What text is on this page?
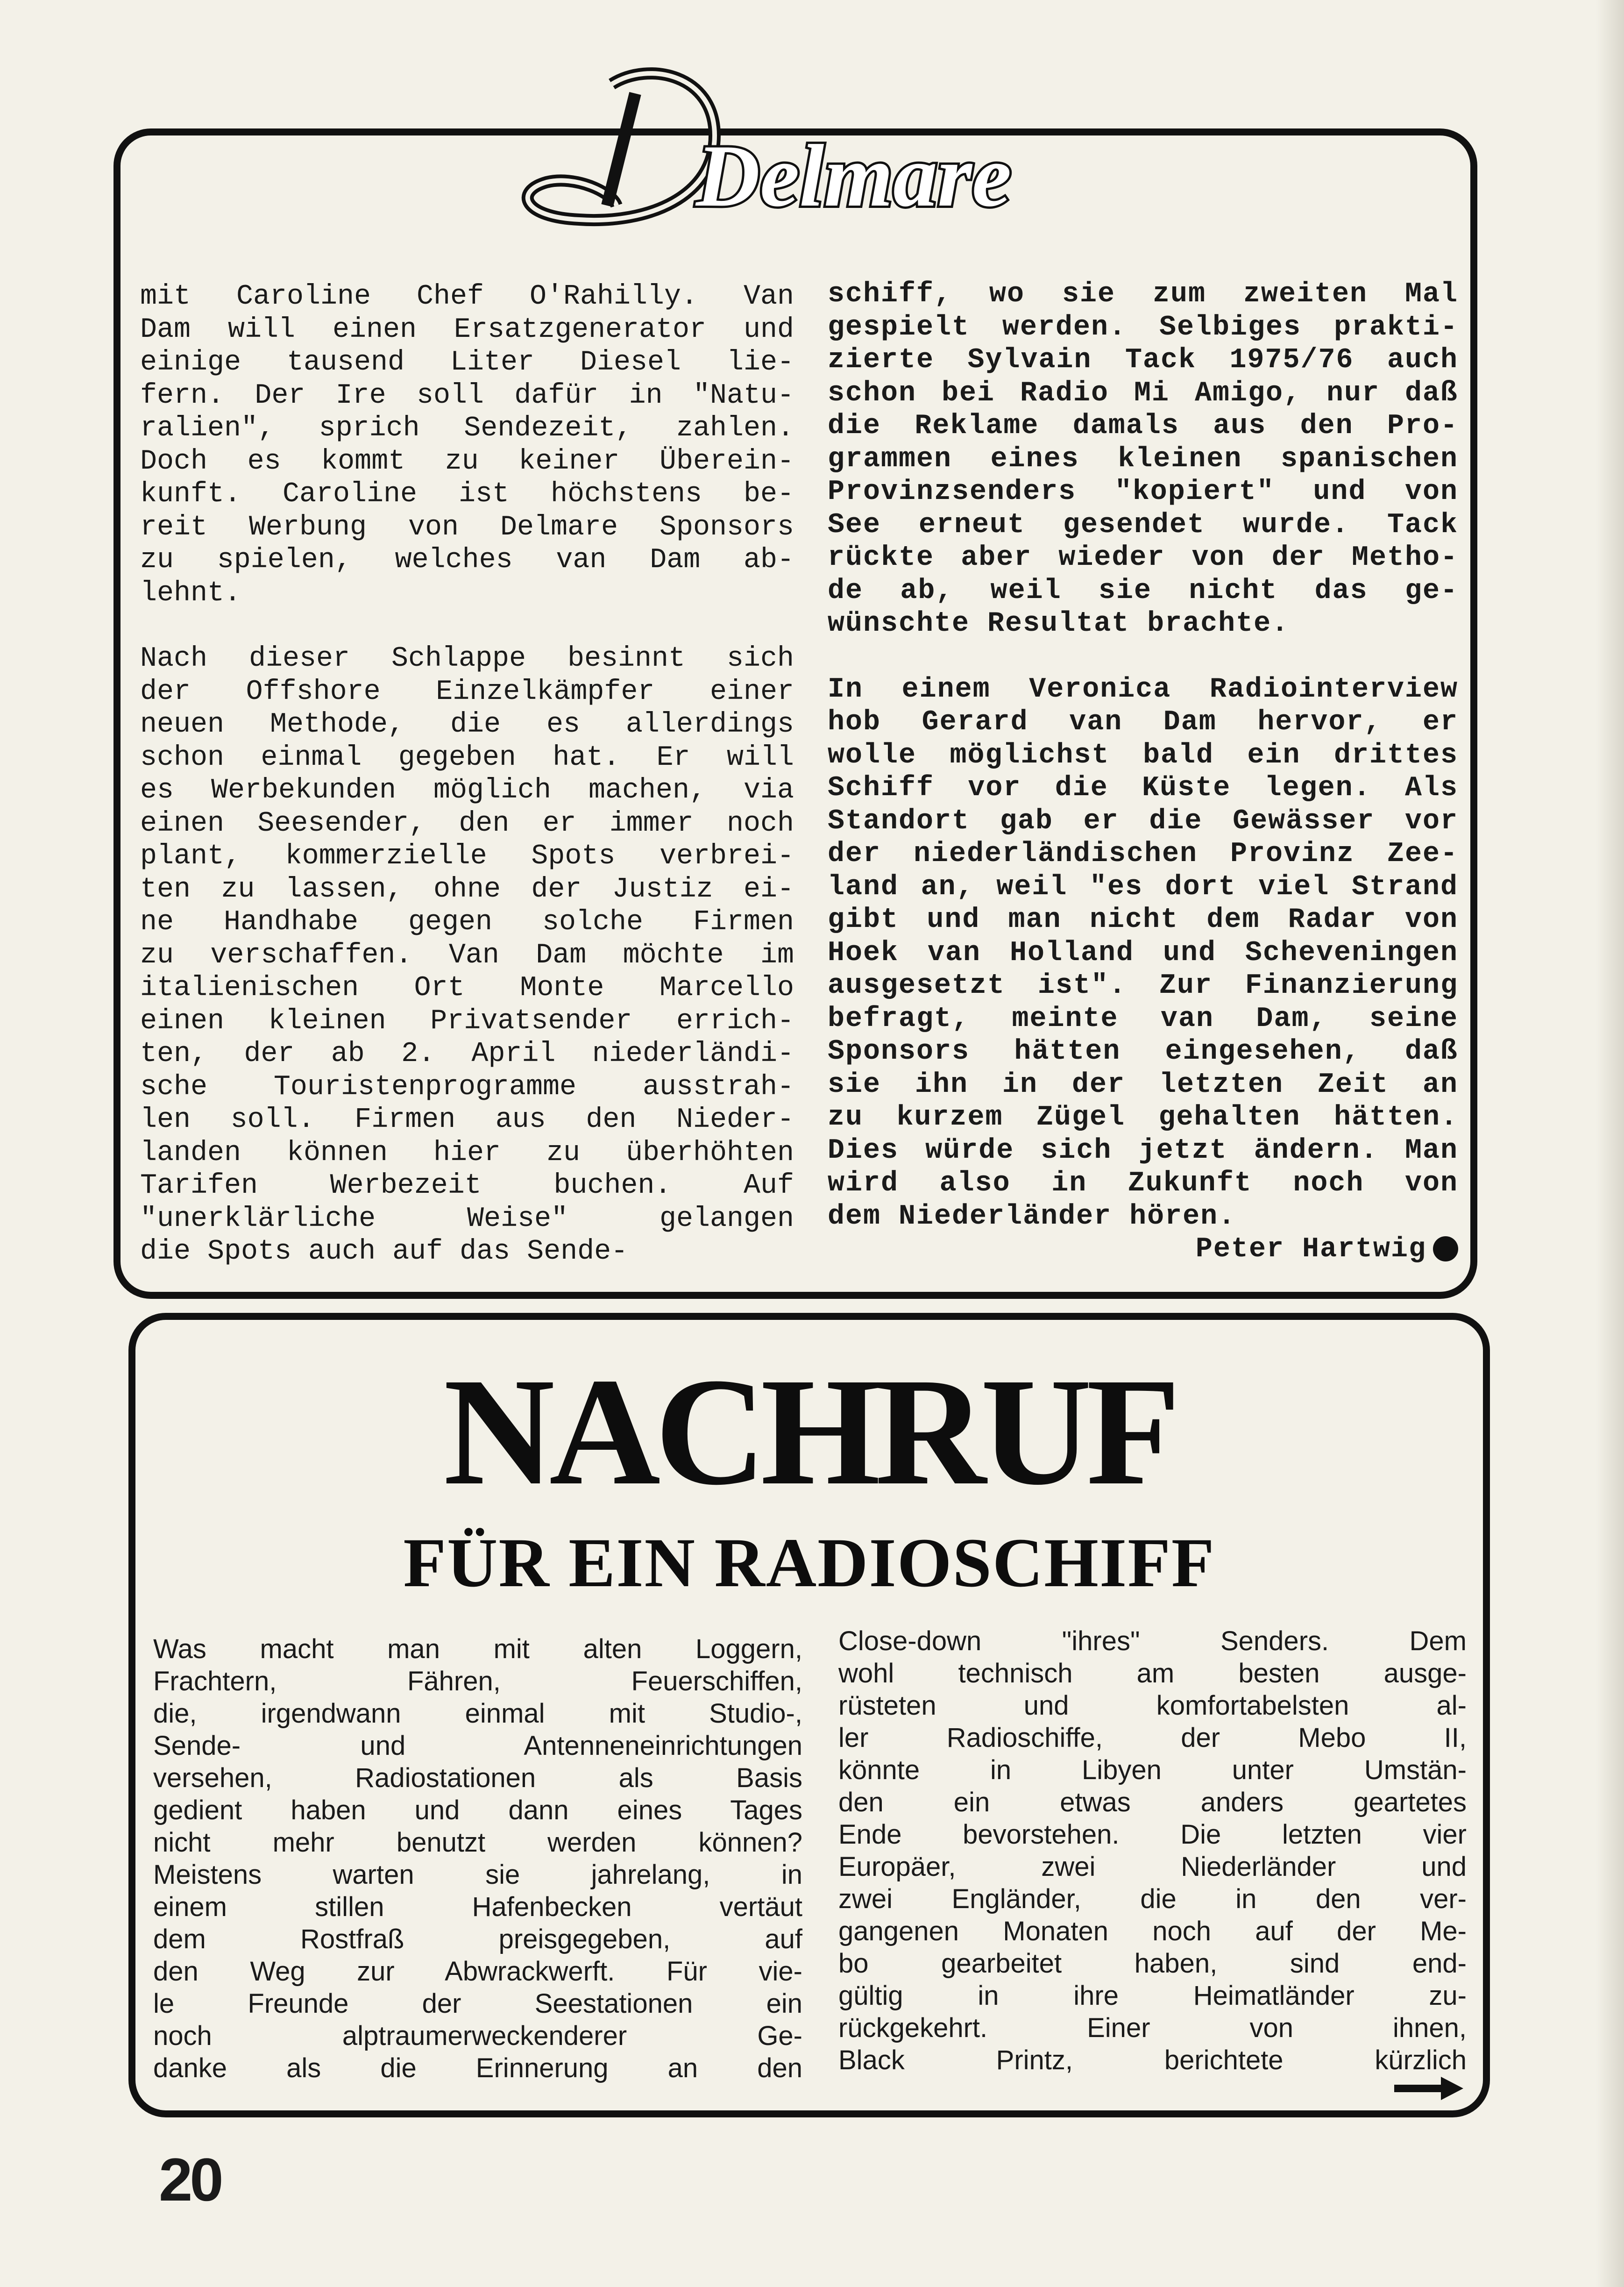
Delmare
mit Caroline Chef O'Rahilly. Van
Dam will einen Ersatzgenerator und
einige tausend Liter Diesel lie-
fern. Der Ire soll dafür in "Natu-
ralien", sprich Sendezeit, zahlen.
Doch es kommt zu keiner Überein-
kunft. Caroline ist höchstens be-
reit Werbung von Delmare Sponsors
zu spielen, welches van Dam ab-
lehnt.
Nach dieser Schlappe besinnt sich
der Offshore Einzelkämpfer einer
neuen Methode, die es allerdings
schon einmal gegeben hat. Er will
es Werbekunden möglich machen, via
einen Seesender, den er immer noch
plant, kommerzielle Spots verbrei-
ten zu lassen, ohne der Justiz ei-
ne Handhabe gegen solche Firmen
zu verschaffen. Van Dam möchte im
italienischen Ort Monte Marcello
einen kleinen Privatsender errich-
ten, der ab 2. April niederländi-
sche Touristenprogramme ausstrah-
len soll. Firmen aus den Nieder-
landen können hier zu überhöhten
Tarifen Werbezeit buchen. Auf
"unerklärliche Weise" gelangen
die Spots auch auf das Sende-
schiff, wo sie zum zweiten Mal
gespielt werden. Selbiges prakti-
zierte Sylvain Tack 1975/76 auch
schon bei Radio Mi Amigo, nur daß
die Reklame damals aus den Pro-
grammen eines kleinen spanischen
Provinzsenders "kopiert" und von
See erneut gesendet wurde. Tack
rückte aber wieder von der Metho-
de ab, weil sie nicht das ge-
wünschte Resultat brachte.
In einem Veronica Radiointerview
hob Gerard van Dam hervor, er
wolle möglichst bald ein drittes
Schiff vor die Küste legen. Als
Standort gab er die Gewässer vor
der niederländischen Provinz Zee-
land an, weil "es dort viel Strand
gibt und man nicht dem Radar von
Hoek van Holland und Scheveningen
ausgesetzt ist". Zur Finanzierung
befragt, meinte van Dam, seine
Sponsors hätten eingesehen, daß
sie ihn in der letzten Zeit an
zu kurzem Zügel gehalten hätten.
Dies würde sich jetzt ändern. Man
wird also in Zukunft noch von
dem Niederländer hören.
Peter Hartwig
NACHRUF
FÜR EIN RADIOSCHIFF
Was macht man mit alten Loggern,
Frachtern, Fähren, Feuerschiffen,
die, irgendwann einmal mit Studio-,
Sende- und Antenneneinrichtungen
versehen, Radiostationen als Basis
gedient haben und dann eines Tages
nicht mehr benutzt werden können?
Meistens warten sie jahrelang, in
einem stillen Hafenbecken vertäut
dem Rostfraß preisgegeben, auf
den Weg zur Abwrackwerft. Für vie-
le Freunde der Seestationen ein
noch alptraumerweckenderer Ge-
danke als die Erinnerung an den
Close-down "ihres" Senders. Dem
wohl technisch am besten ausge-
rüsteten und komfortabelsten al-
ler Radioschiffe, der Mebo II,
könnte in Libyen unter Umstän-
den ein etwas anders geartetes
Ende bevorstehen. Die letzten vier
Europäer, zwei Niederländer und
zwei Engländer, die in den ver-
gangenen Monaten noch auf der Me-
bo gearbeitet haben, sind end-
gültig in ihre Heimatländer zu-
rückgekehrt. Einer von ihnen,
Black Printz, berichtete kürzlich
20
